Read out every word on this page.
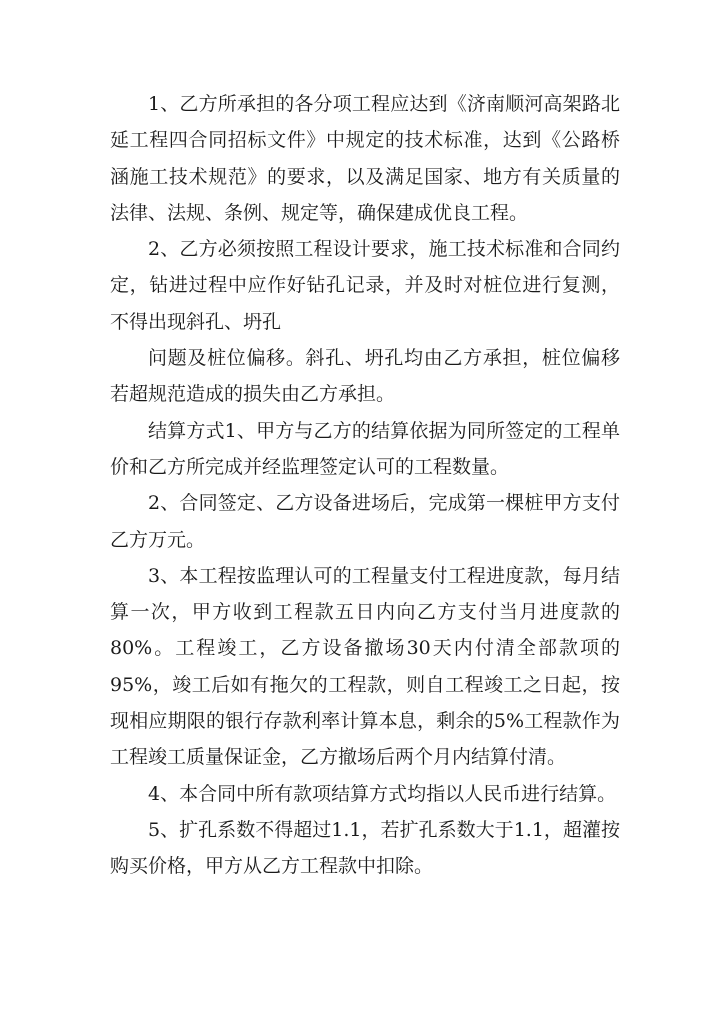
1、乙方所承担的各分项工程应达到《济南顺河高架路北延工程四合同招标文件》中规定的技术标准，达到《公路桥涵施工技术规范》的要求，以及满足国家、地方有关质量的法律、法规、条例、规定等，确保建成优良工程。

2、乙方必须按照工程设计要求，施工技术标准和合同约定，钻进过程中应作好钻孔记录，并及时对桩位进行复测，不得出现斜孔、坍孔

问题及桩位偏移。斜孔、坍孔均由乙方承担，桩位偏移若超规范造成的损失由乙方承担。

结算方式1、甲方与乙方的结算依据为同所签定的工程单价和乙方所完成并经监理签定认可的工程数量。

2、合同签定、乙方设备进场后，完成第一棵桩甲方支付乙方万元。

3、本工程按监理认可的工程量支付工程进度款，每月结算一次，甲方收到工程款五日内向乙方支付当月进度款的80%。工程竣工，乙方设备撤场30天内付清全部款项的95%，竣工后如有拖欠的工程款，则自工程竣工之日起，按现相应期限的银行存款利率计算本息，剩余的5%工程款作为工程竣工质量保证金，乙方撤场后两个月内结算付清。

4、本合同中所有款项结算方式均指以人民币进行结算。

5、扩孔系数不得超过1.1，若扩孔系数大于1.1，超灌按购买价格，甲方从乙方工程款中扣除。
